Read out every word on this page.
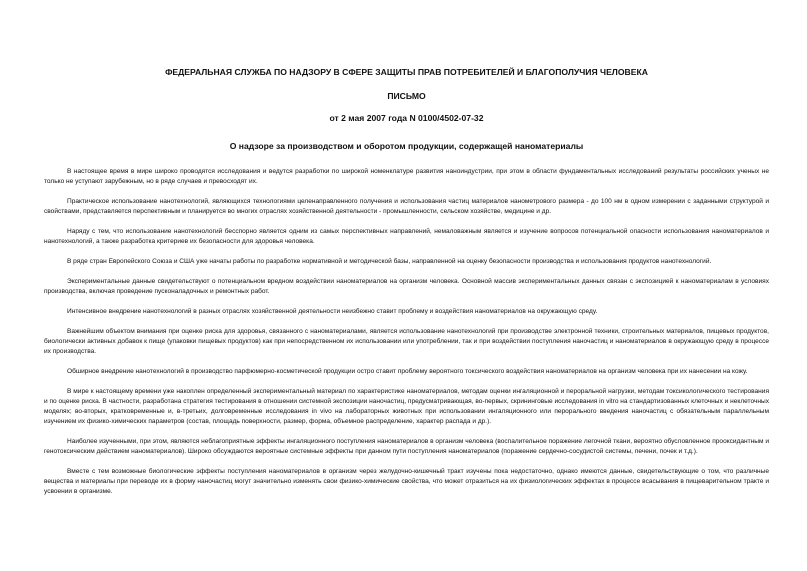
ФЕДЕРАЛЬНАЯ СЛУЖБА ПО НАДЗОРУ В СФЕРЕ ЗАЩИТЫ ПРАВ ПОТРЕБИТЕЛЕЙ И БЛАГОПОЛУЧИЯ ЧЕЛОВЕКА

ПИСЬМО

от 2 мая 2007 года N 0100/4502-07-32

О надзоре за производством и оборотом продукции, содержащей наноматериалы

В настоящее время в мире широко проводятся исследования и ведутся разработки по широкой номенклатуре развития наноиндустрии, при этом в области фундаментальных исследований результаты российских ученых не только не уступают зарубежным, но в ряде случаев и превосходят их.

Практическое использование нанотехнологий, являющихся технологиями целенаправленного получения и использования частиц материалов нанометрового размера - до 100 нм в одном измерении с заданными структурой и свойствами, представляется перспективным и планируется во многих отраслях хозяйственной деятельности - промышленности, сельском хозяйстве, медицине и др.

Наряду с тем, что использование нанотехнологий бесспорно является одним из самых перспективных направлений, немаловажным является и изучение вопросов потенциальной опасности использования наноматериалов и нанотехнологий, а также разработка критериев их безопасности для здоровья человека.

В ряде стран Европейского Союза и США уже начаты работы по разработке нормативной и методической базы, направленной на оценку безопасности производства и использования продуктов нанотехнологий.

Экспериментальные данные свидетельствуют о потенциальном вредном воздействии наноматериалов на организм человека. Основной массив экспериментальных данных связан с экспозицией к наноматериалам в условиях производства, включая проведение пусконаладочных и ремонтных работ.

Интенсивное внедрение нанотехнологий в разных отраслях хозяйственной деятельности неизбежно ставит проблему и воздействия наноматериалов на окружающую среду.

Важнейшим объектом внимания при оценке риска для здоровья, связанного с наноматериалами, является использование нанотехнологий при производстве электронной техники, строительных материалов, пищевых продуктов, биологически активных добавок к пище (упаковки пищевых продуктов) как при непосредственном их использовании или употреблении, так и при воздействии поступления наночастиц и наноматериалов в окружающую среду в процессе их производства.

Обширное внедрение нанотехнологий в производство парфюмерно-косметической продукции остро ставит проблему вероятного токсического воздействия наноматериалов на организм человека при их нанесении на кожу.

В мире к настоящему времени уже накоплен определенный экспериментальный материал по характеристике наноматериалов, методам оценки ингаляционной и пероральной нагрузки, методам токсикологического тестирования и по оценке риска. В частности, разработана стратегия тестирования в отношении системной экспозиции наночастиц, предусматривающая, во-первых, скрининговые исследования in vitro на стандартизованных клеточных и неклеточных моделях; во-вторых, кратковременные и, в-третьих, долговременные исследования in vivo на лабораторных животных при использовании ингаляционного или перорального введения наночастиц с обязательным параллельным изучением их физико-химических параметров (состав, площадь поверхности, размер, форма, объемное распределение, характер распада и др.).

Наиболее изученными, при этом, являются неблагоприятные эффекты ингаляционного поступления наноматериалов в организм человека (воспалительное поражение легочной ткани, вероятно обусловленное прооксидантным и генотоксическим действием наноматериалов). Широко обсуждаются вероятные системные эффекты при данном пути поступления наноматериалов (поражение сердечно-сосудистой системы, печени, почек и т.д.).

Вместе с тем возможные биологические эффекты поступления наноматериалов в организм через желудочно-кишечный тракт изучены пока недостаточно, однако имеются данные, свидетельствующие о том, что различные вещества и материалы при переводе их в форму наночастиц могут значительно изменять свои физико-химические свойства, что может отразиться на их физиологических эффектах в процессе всасывания в пищеварительном тракте и усвоении в организме.
